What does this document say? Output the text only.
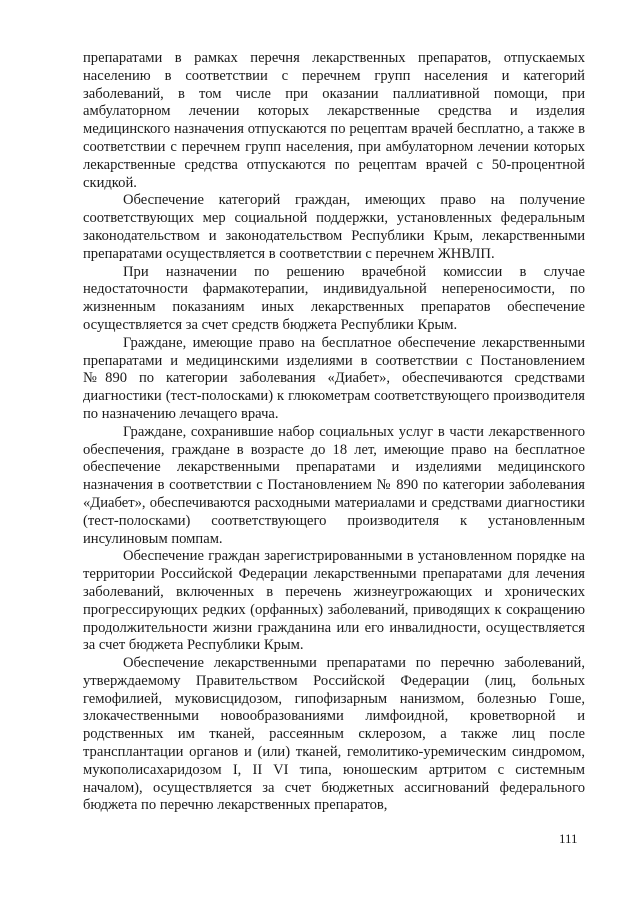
препаратами в рамках перечня лекарственных препаратов, отпускаемых населению в соответствии с перечнем групп населения и категорий заболеваний, в том числе при оказании паллиативной помощи, при амбулаторном лечении которых лекарственные средства и изделия медицинского назначения отпускаются по рецептам врачей бесплатно, а также в соответствии с перечнем групп населения, при амбулаторном лечении которых лекарственные средства отпускаются по рецептам врачей с 50-процентной скидкой.

Обеспечение категорий граждан, имеющих право на получение соответствующих мер социальной поддержки, установленных федеральным законодательством и законодательством Республики Крым, лекарственными препаратами осуществляется в соответствии с перечнем ЖНВЛП.

При назначении по решению врачебной комиссии в случае недостаточности фармакотерапии, индивидуальной непереносимости, по жизненным показаниям иных лекарственных препаратов обеспечение осуществляется за счет средств бюджета Республики Крым.

Граждане, имеющие право на бесплатное обеспечение лекарственными препаратами и медицинскими изделиями в соответствии с Постановлением №890 по категории заболевания «Диабет», обеспечиваются средствами диагностики (тест-полосками) к глюкометрам соответствующего производителя по назначению лечащего врача.

Граждане, сохранившие набор социальных услуг в части лекарственного обеспечения, граждане в возрасте до 18 лет, имеющие право на бесплатное обеспечение лекарственными препаратами и изделиями медицинского назначения в соответствии с Постановлением № 890 по категории заболевания «Диабет», обеспечиваются расходными материалами и средствами диагностики (тест-полосками) соответствующего производителя к установленным инсулиновым помпам.

Обеспечение граждан зарегистрированными в установленном порядке на территории Российской Федерации лекарственными препаратами для лечения заболеваний, включенных в перечень жизнеугрожающих и хронических прогрессирующих редких (орфанных) заболеваний, приводящих к сокращению продолжительности жизни гражданина или его инвалидности, осуществляется за счет бюджета Республики Крым.

Обеспечение лекарственными препаратами по перечню заболеваний, утверждаемому Правительством Российской Федерации (лиц, больных гемофилией, муковисцидозом, гипофизарным нанизмом, болезнью Гоше, злокачественными новообразованиями лимфоидной, кроветворной и родственных им тканей, рассеянным склерозом, а также лиц после трансплантации органов и (или) тканей, гемолитико-уремическим синдромом, мукополисахаридозом I, II VI типа, юношеским артритом с системным началом), осуществляется за счет бюджетных ассигнований федерального бюджета по перечню лекарственных препаратов,

111
